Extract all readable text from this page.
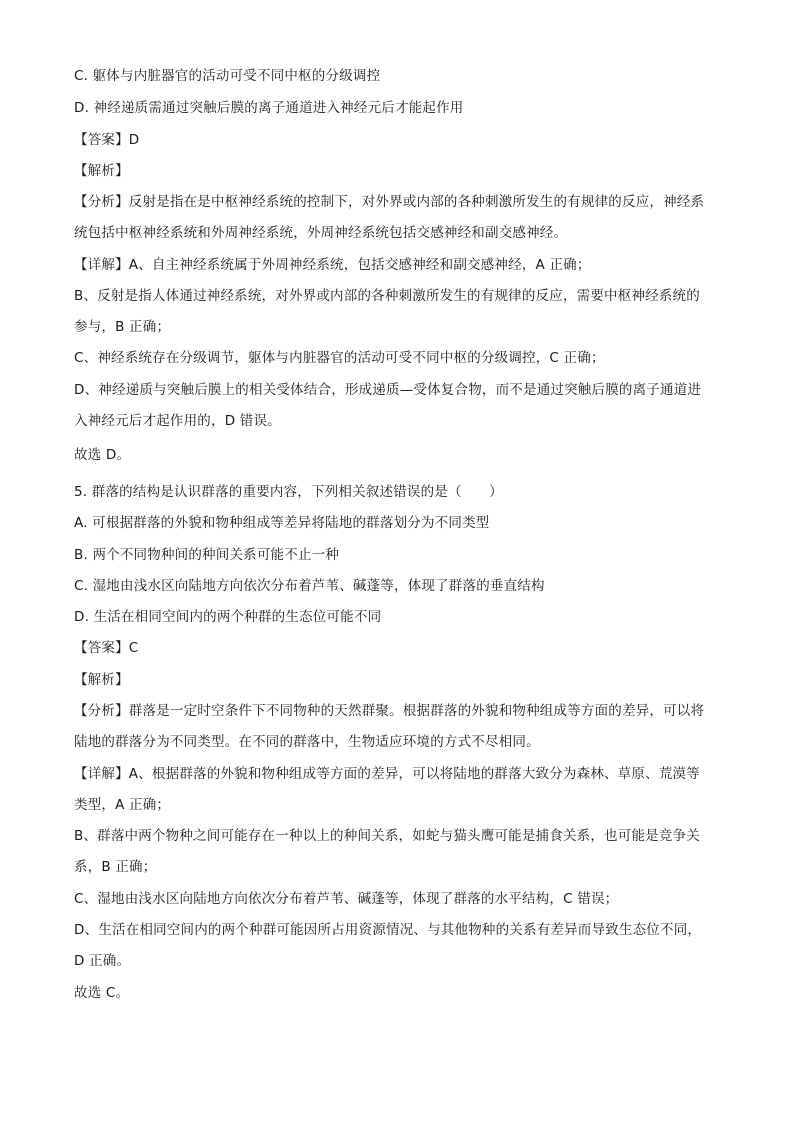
C. 躯体与内脏器官的活动可受不同中枢的分级调控
D. 神经递质需通过突触后膜的离子通道进入神经元后才能起作用
【答案】D
【解析】
【分析】反射是指在是中枢神经系统的控制下，对外界或内部的各种刺激所发生的有规律的反应，神经系
统包括中枢神经系统和外周神经系统，外周神经系统包括交感神经和副交感神经。
【详解】A、自主神经系统属于外周神经系统，包括交感神经和副交感神经，A 正确；
B、反射是指人体通过神经系统，对外界或内部的各种刺激所发生的有规律的反应，需要中枢神经系统的
参与，B 正确；
C、神经系统存在分级调节，躯体与内脏器官的活动可受不同中枢的分级调控，C 正确；
D、神经递质与突触后膜上的相关受体结合，形成递质—受体复合物，而不是通过突触后膜的离子通道进
入神经元后才起作用的，D 错误。
故选 D。
5. 群落的结构是认识群落的重要内容，下列相关叙述错误的是（　　）
A. 可根据群落的外貌和物种组成等差异将陆地的群落划分为不同类型
B. 两个不同物种间的种间关系可能不止一种
C. 湿地由浅水区向陆地方向依次分布着芦苇、碱蓬等，体现了群落的垂直结构
D. 生活在相同空间内的两个种群的生态位可能不同
【答案】C
【解析】
【分析】群落是一定时空条件下不同物种的天然群聚。根据群落的外貌和物种组成等方面的差异，可以将
陆地的群落分为不同类型。在不同的群落中，生物适应环境的方式不尽相同。
【详解】A、根据群落的外貌和物种组成等方面的差异，可以将陆地的群落大致分为森林、草原、荒漠等
类型，A 正确；
B、群落中两个物种之间可能存在一种以上的种间关系，如蛇与猫头鹰可能是捕食关系，也可能是竞争关
系，B 正确；
C、湿地由浅水区向陆地方向依次分布着芦苇、碱蓬等，体现了群落的水平结构，C 错误；
D、生活在相同空间内的两个种群可能因所占用资源情况、与其他物种的关系有差异而导致生态位不同，
D 正确。
故选 C。
